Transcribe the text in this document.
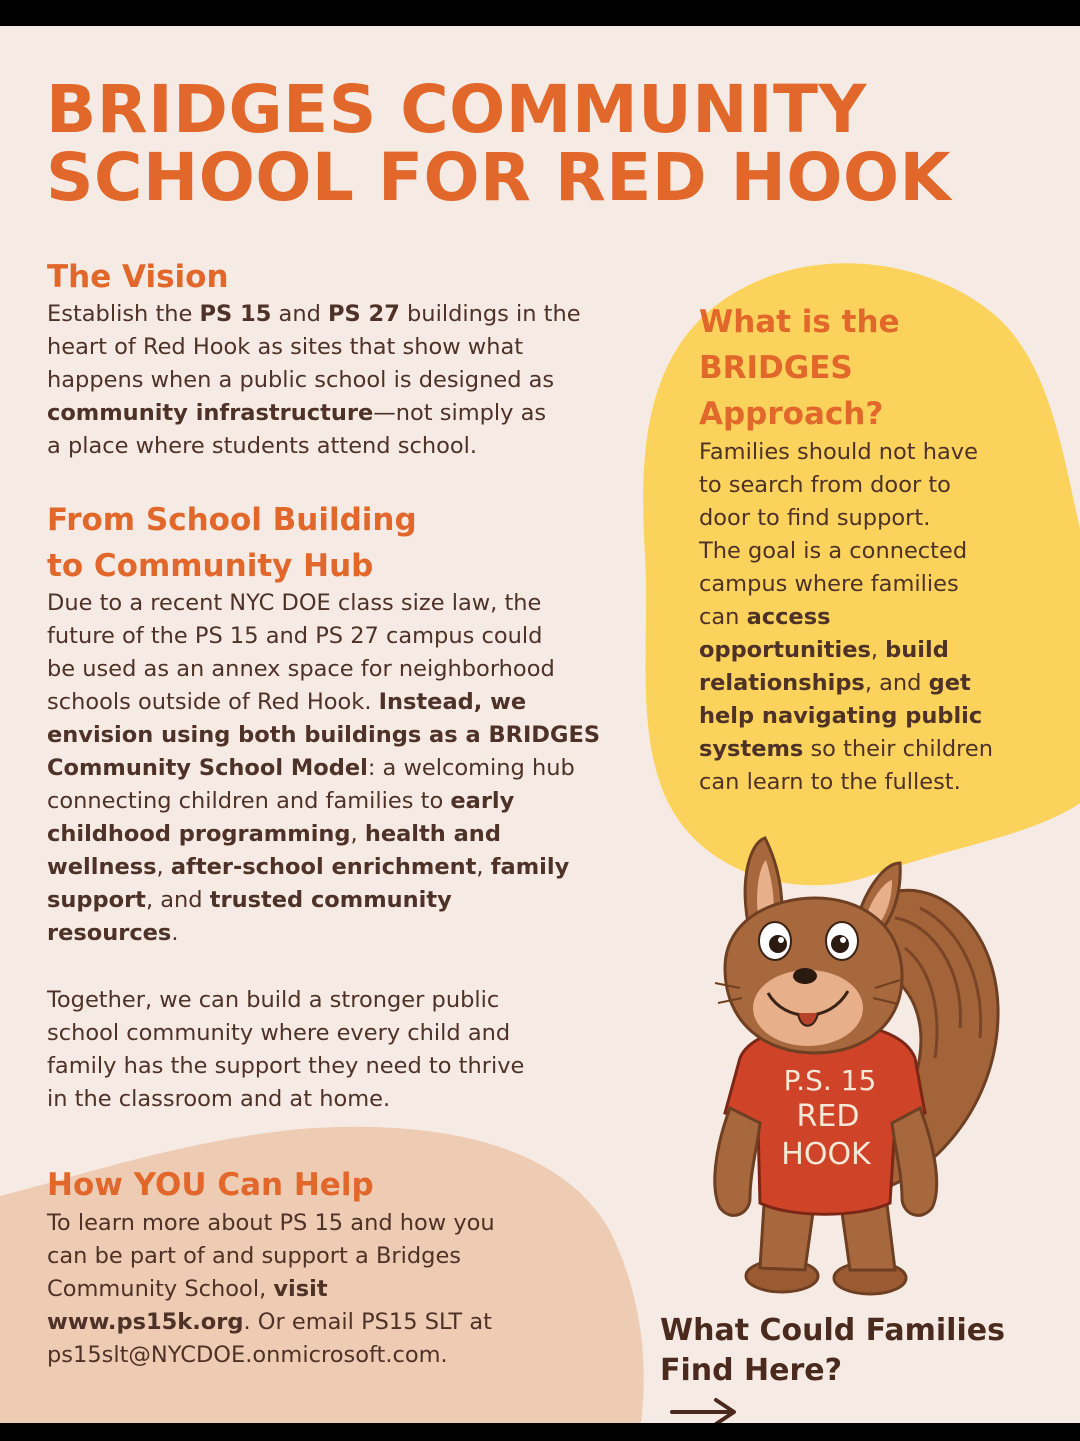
BRIDGES COMMUNITY
SCHOOL FOR RED HOOK
The Vision

Establish the PS 15 and PS 27 buildings in the
heart of Red Hook as sites that show what
happens when a public school is designed as
community infrastructure—not simply as
a place where students attend school.

From School Building
to Community Hub

Due to a recent NYC DOE class size law, the
future of the PS 15 and PS 27 campus could
be used as an annex space for neighborhood
schools outside of Red Hook. Instead, we
envision using both buildings as a BRIDGES
Community School Model: a welcoming hub
connecting children and families to early
childhood programming, health and
wellness, after-school enrichment, family
support, and trusted community
resources.

Together, we can build a stronger public
school community where every child and
family has the support they need to thrive
in the classroom and at home.

How YOU Can Help

To learn more about PS 15 and how you
can be part of and support a Bridges
Community School, visit
www.ps15k.org. Or email PS15 SLT at
ps15slt@NYCDOE.onmicrosoft.com.

What is the
BRIDGES
Approach?

Families should not have
to search from door to
door to find support.
The goal is a connected
campus where families
can access
opportunities, build
relationships, and get
help navigating public
systems so their children
can learn to the fullest.

P.S. 15
RED
HOOK
What Could Families
Find Here?
